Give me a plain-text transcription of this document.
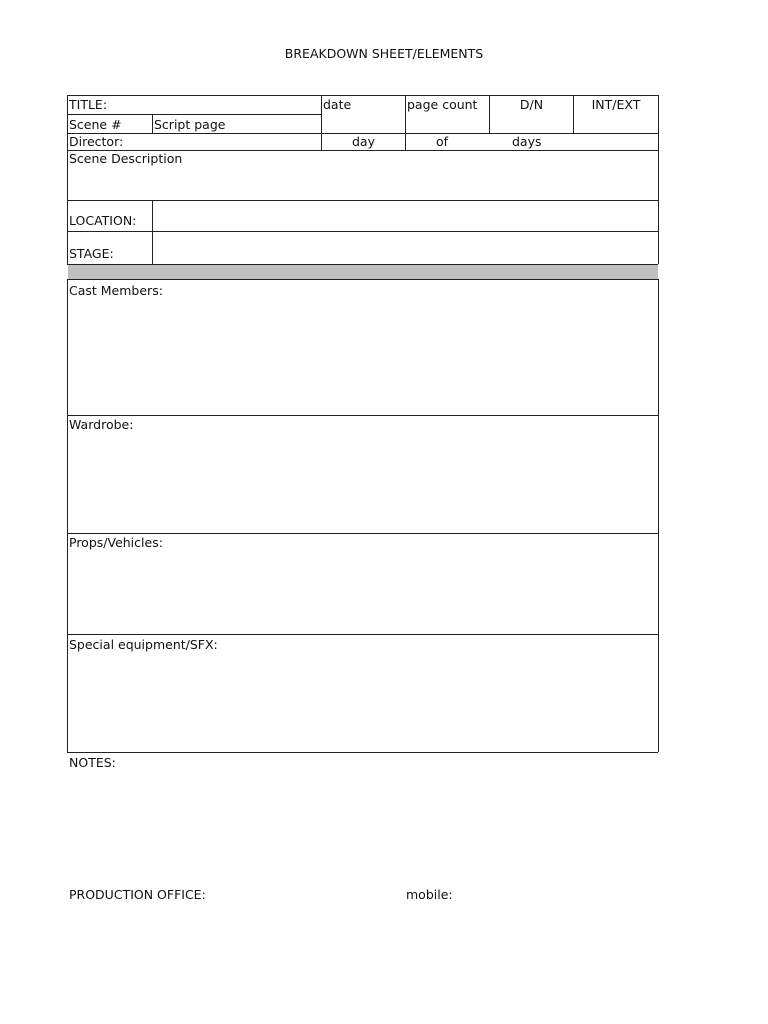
BREAKDOWN SHEET/ELEMENTS
TITLE:	date	page count	D/N	INT/EXT
Scene #	Script page
Director:	day	of	days
Scene Description
LOCATION:
STAGE:
Cast Members:
Wardrobe:
Props/Vehicles:
Special equipment/SFX:
NOTES:
PRODUCTION OFFICE:	mobile:
